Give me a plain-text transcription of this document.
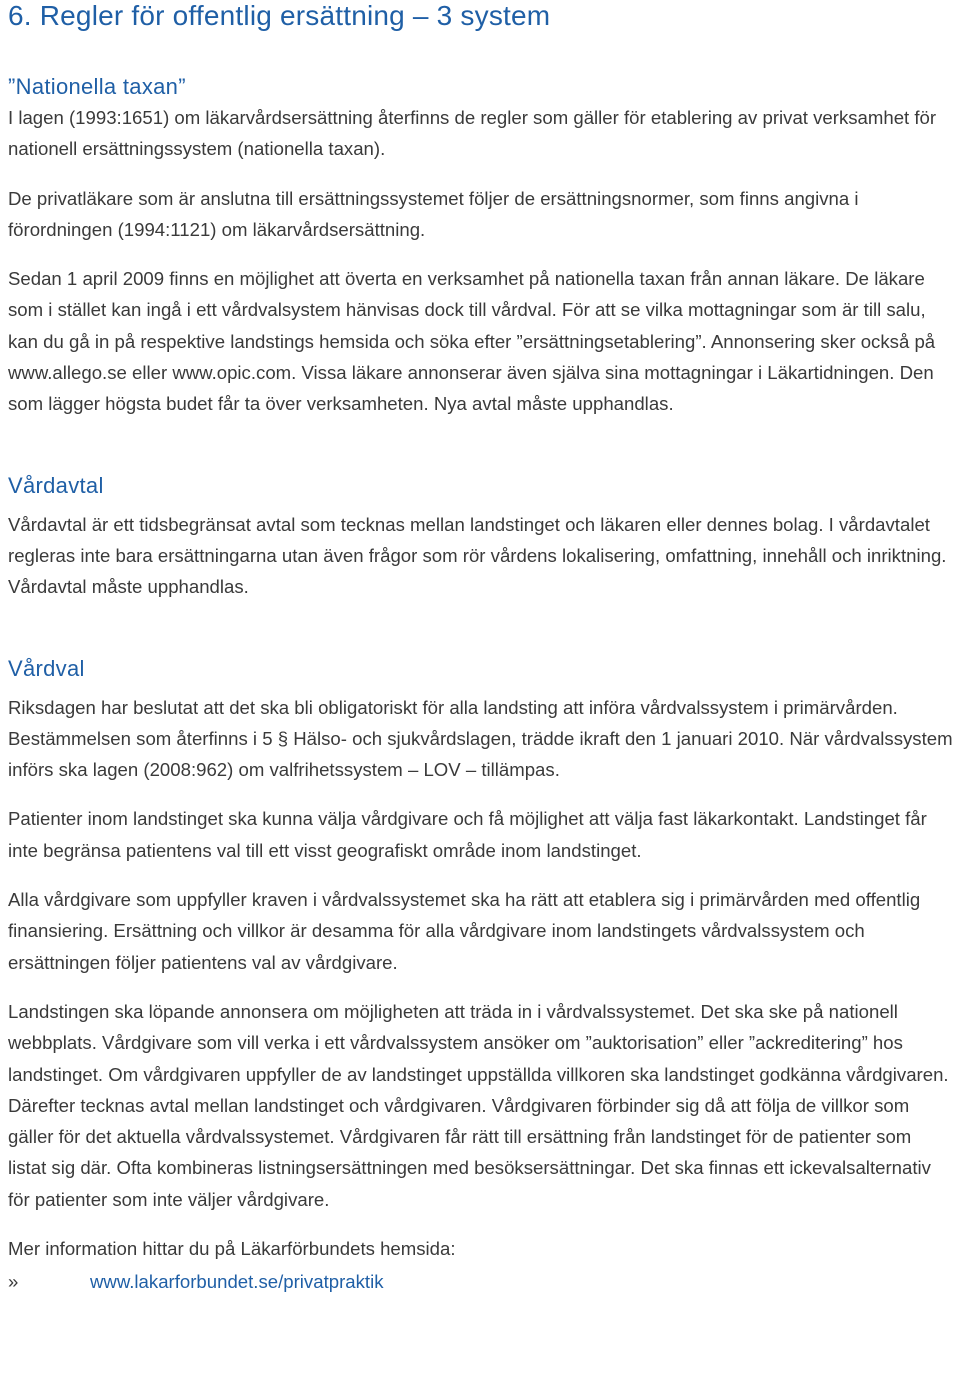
6. Regler för offentlig ersättning – 3 system
”Nationella taxan”

I lagen (1993:1651) om läkarvårdsersättning återfinns de regler som gäller för etablering av privat verksamhet för nationell ersättningssystem (nationella taxan).

De privatläkare som är anslutna till ersättningssystemet följer de ersättningsnormer, som finns angivna i förordningen (1994:1121) om läkarvårdsersättning.

Sedan 1 april 2009 finns en möjlighet att överta en verksamhet på nationella taxan från annan läkare. De läkare som i stället kan ingå i ett vårdvalsystem hänvisas dock till vårdval. För att se vilka mottagningar som är till salu, kan du gå in på respektive landstings hemsida och söka efter ”ersättningsetablering”. Annonsering sker också på www.allego.se eller www.opic.com. Vissa läkare annonserar även själva sina mottagningar i Läkartidningen. Den som lägger högsta budet får ta över verksamheten. Nya avtal måste upphandlas.

Vårdavtal

Vårdavtal är ett tidsbegränsat avtal som tecknas mellan landstinget och läkaren eller dennes bolag. I vårdavtalet regleras inte bara ersättningarna utan även frågor som rör vårdens lokalisering, omfattning, innehåll och inriktning. Vårdavtal måste upphandlas.

Vårdval

Riksdagen har beslutat att det ska bli obligatoriskt för alla landsting att införa vårdvalssystem i primärvården. Bestämmelsen som återfinns i 5 § Hälso- och sjukvårdslagen, trädde ikraft den 1 januari 2010. När vårdvalssystem införs ska lagen (2008:962) om valfrihetssystem – LOV – tillämpas.

Patienter inom landstinget ska kunna välja vårdgivare och få möjlighet att välja fast läkarkontakt. Landstinget får inte begränsa patientens val till ett visst geografiskt område inom landstinget.

Alla vårdgivare som uppfyller kraven i vårdvalssystemet ska ha rätt att etablera sig i primärvården med offentlig finansiering. Ersättning och villkor är desamma för alla vårdgivare inom landstingets vårdvalssystem och ersättningen följer patientens val av vårdgivare.

Landstingen ska löpande annonsera om möjligheten att träda in i vårdvalssystemet. Det ska ske på nationell webbplats. Vårdgivare som vill verka i ett vårdvalssystem ansöker om ”auktorisation” eller ”ackreditering” hos landstinget. Om vårdgivaren uppfyller de av landstinget uppställda villkoren ska landstinget godkänna vårdgivaren. Därefter tecknas avtal mellan landstinget och vårdgivaren. Vårdgivaren förbinder sig då att följa de villkor som gäller för det aktuella vårdvalssystemet. Vårdgivaren får rätt till ersättning från landstinget för de patienter som listat sig där. Ofta kombineras listningsersättningen med besöksersättningar. Det ska finnas ett ickevalsalternativ för patienter som inte väljer vårdgivare.

Mer information hittar du på Läkarförbundets hemsida:

»	www.lakarforbundet.se/privatpraktik
